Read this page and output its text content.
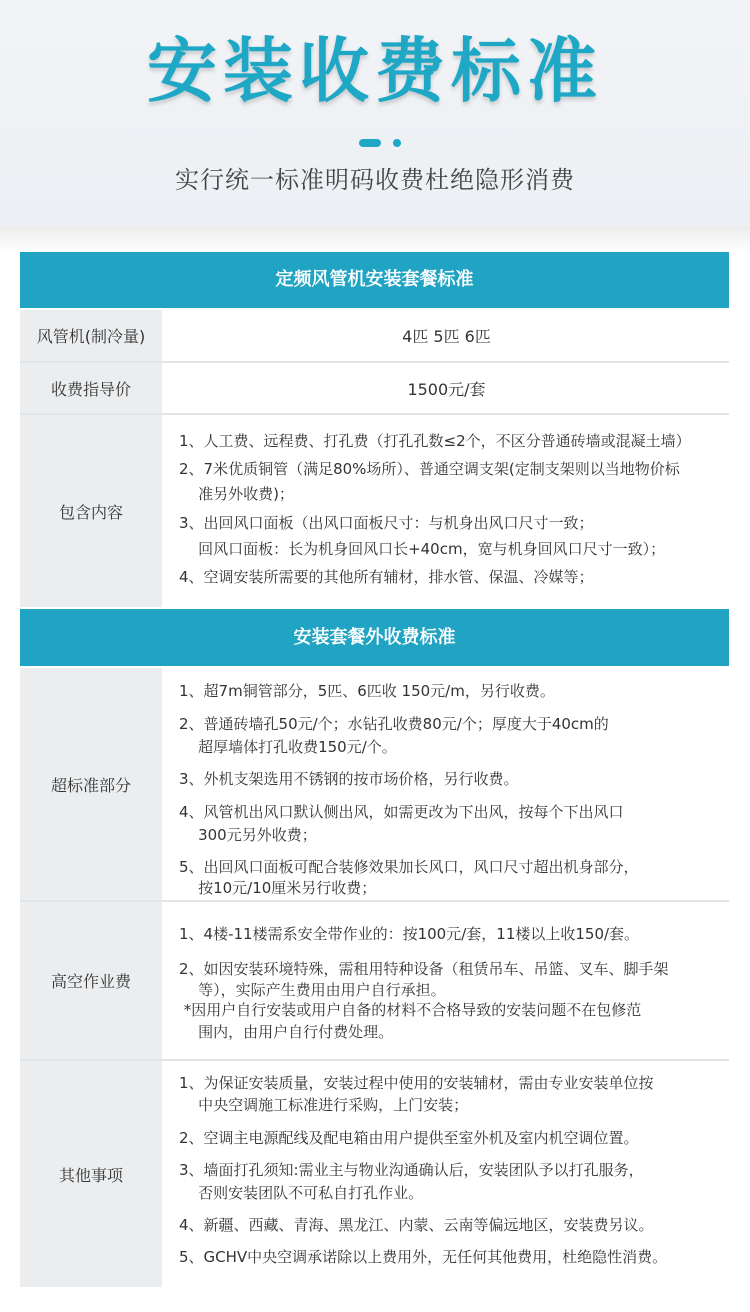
安装收费标准
实行统一标准明码收费杜绝隐形消费
定频风管机安装套餐标准
风管机(制冷量)	4匹 5匹 6匹
收费指导价	1500元/套
包含内容
1、人工费、远程费、打孔费（打孔孔数≤2个，不区分普通砖墙或混凝土墙）
2、7米优质铜管（满足80%场所）、普通空调支架(定制支架则以当地物价标
准另外收费)；
3、出回风口面板（出风口面板尺寸：与机身出风口尺寸一致；
回风口面板：长为机身回风口长+40cm，宽与机身回风口尺寸一致）；
4、空调安装所需要的其他所有辅材，排水管、保温、冷媒等；
安装套餐外收费标准
超标准部分
1、超7m铜管部分，5匹、6匹收 150元/m，另行收费。
2、普通砖墙孔50元/个；水钻孔收费80元/个；厚度大于40cm的
超厚墙体打孔收费150元/个。
3、外机支架选用不锈钢的按市场价格，另行收费。
4、风管机出风口默认侧出风，如需更改为下出风，按每个下出风口
300元另外收费；
5、出回风口面板可配合装修效果加长风口，风口尺寸超出机身部分，
按10元/10厘米另行收费；
高空作业费
1、4楼-11楼需系安全带作业的：按100元/套，11楼以上收150/套。
2、如因安装环境特殊，需租用特种设备（租赁吊车、吊篮、叉车、脚手架
等），实际产生费用由用户自行承担。
*因用户自行安装或用户自备的材料不合格导致的安装问题不在包修范
围内，由用户自行付费处理。
其他事项
1、为保证安装质量，安装过程中使用的安装辅材，需由专业安装单位按
中央空调施工标准进行采购，上门安装；
2、空调主电源配线及配电箱由用户提供至室外机及室内机空调位置。
3、墙面打孔须知:需业主与物业沟通确认后，安装团队予以打孔服务，
否则安装团队不可私自打孔作业。
4、新疆、西藏、青海、黑龙江、内蒙、云南等偏远地区，安装费另议。
5、GCHV中央空调承诺除以上费用外，无任何其他费用，杜绝隐性消费。
